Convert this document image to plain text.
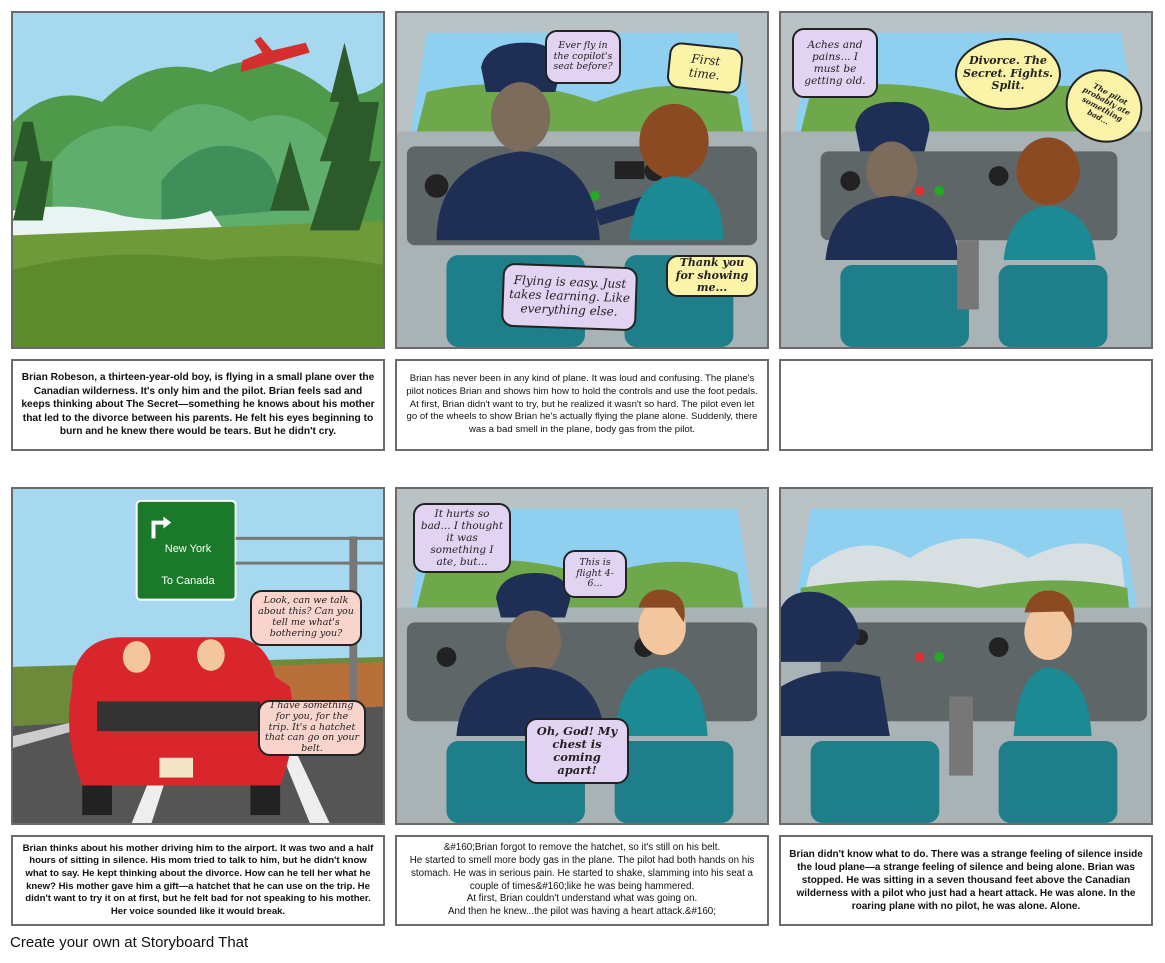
Brian Robeson, a thirteen-year-old boy, is flying in a small plane over the Canadian wilderness. It's only him and the pilot. Brian feels sad and keeps thinking about The Secret—something he knows about his mother that led to the divorce between his parents. He felt his eyes beginning to burn and he knew there would be tears. But he didn't cry.
Ever fly in the copilot's seat before?	First time.
Flying is easy. Just takes learning. Like everything else.
Thank you for showing me...
Brian has never been in any kind of plane. It was loud and confusing. The plane's pilot notices Brian and shows him how to hold the controls and use the foot pedals. At first, Brian didn't want to try, but he realized it wasn't so hard. The pilot even let go of the wheels to show Brian he's actually flying the plane alone. Suddenly, there was a bad smell in the plane, body gas from the pilot.
Aches and pains... I must be getting old.
Divorce. The Secret. Fights. Split.	The pilot probably ate something bad...
New York
To Canada
Look, can we talk about this? Can you tell me what's bothering you?
I have something for you, for the trip. It's a hatchet that can go on your belt.
Brian thinks about his mother driving him to the airport. It was two and a half hours of sitting in silence. His mom tried to talk to him, but he didn't know what to say. He kept thinking about the divorce. How can he tell her what he knew? His mother gave him a gift—a hatchet that he can use on the trip. He didn't want to try it on at first, but he felt bad for not speaking to his mother. Her voice sounded like it would break.
It hurts so bad... I thought it was something I ate, but...	This is flight 4-6...
Oh, God! My chest is coming apart!
&#160;Brian forgot to remove the hatchet, so it's still on his belt.
He started to smell more body gas in the plane. The pilot had both hands on his stomach. He was in serious pain. He started to shake, slamming into his seat a couple of times&#160;like he was being hammered.
At first, Brian couldn't understand what was going on.
And then he knew...the pilot was having a heart attack.&#160;
Brian didn't know what to do. There was a strange feeling of silence inside the loud plane—a strange feeling of silence and being alone. Brian was stopped. He was sitting in a seven thousand feet above the Canadian wilderness with a pilot who just had a heart attack. He was alone. In the roaring plane with no pilot, he was alone. Alone.
Create your own at Storyboard That
